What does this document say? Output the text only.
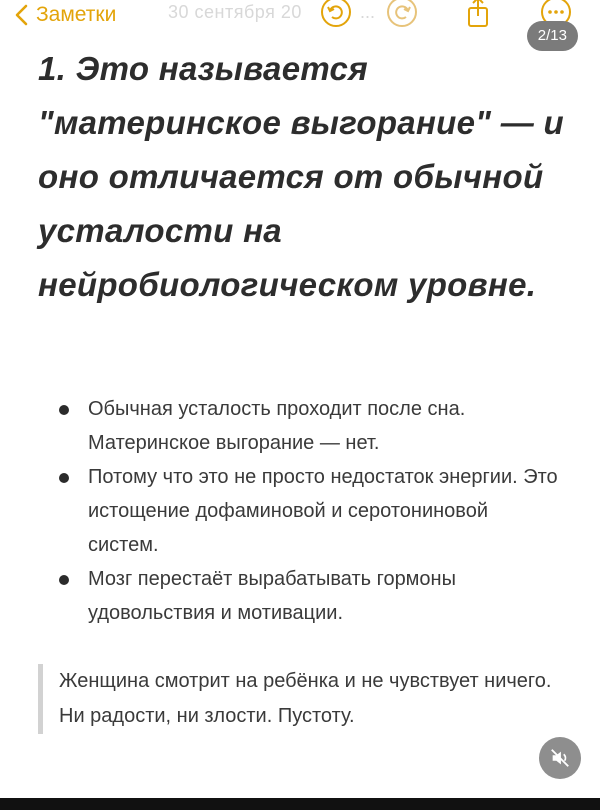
Заметки	30 сентября 20	...
2/13
1. Это называется "материнское выгорание" — и оно отличается от обычной усталости на нейробиологическом уровне.
Обычная усталость проходит после сна. Материнское выгорание — нет.
Потому что это не просто недостаток энергии. Это истощение дофаминовой и серотониновой систем.
Мозг перестаёт вырабатывать гормоны удовольствия и мотивации.
Женщина смотрит на ребёнка и не чувствует ничего. Ни радости, ни злости. Пустоту.
